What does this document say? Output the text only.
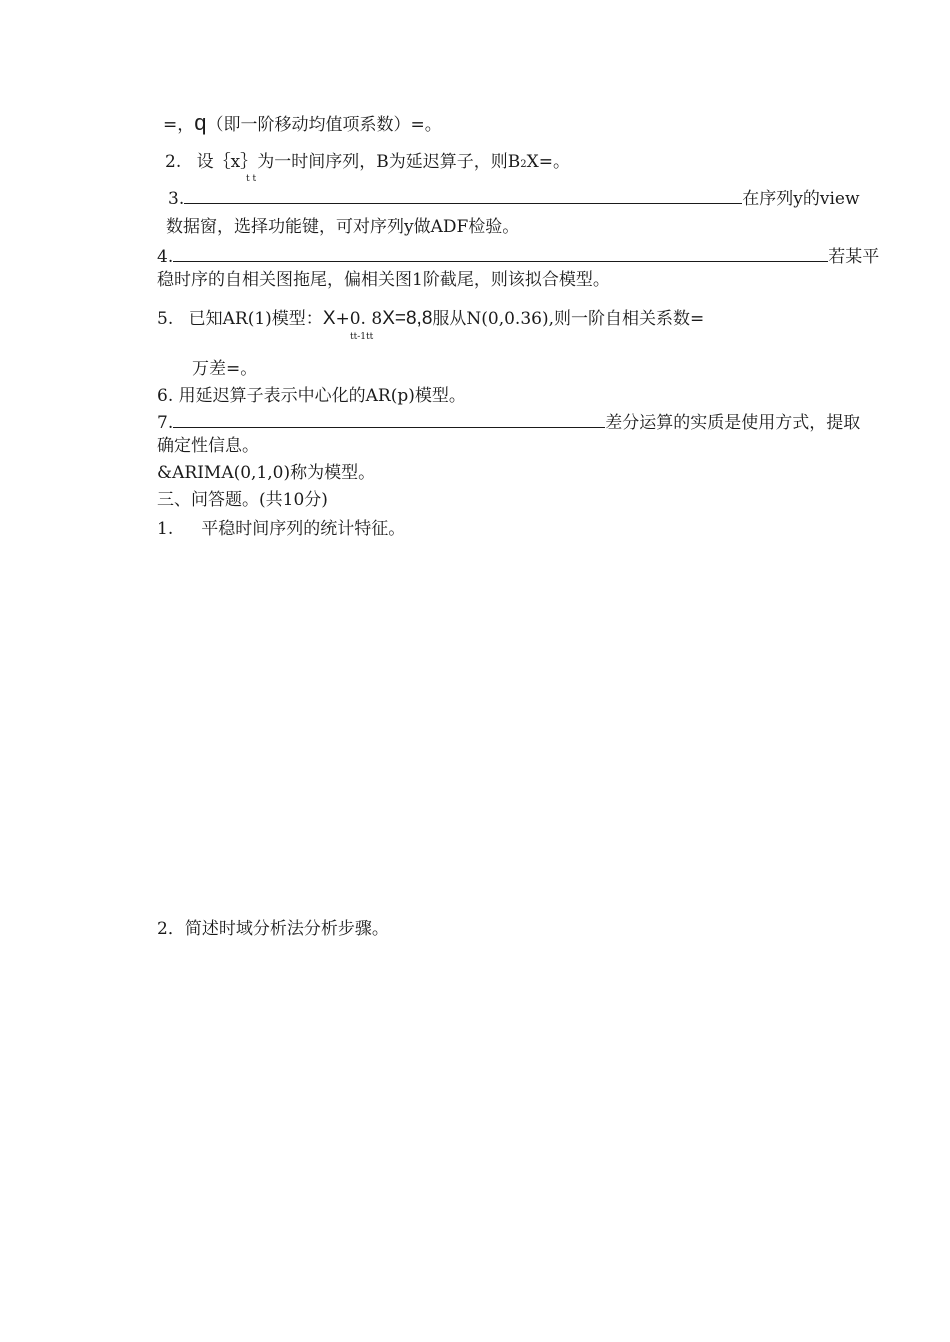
=，q（即一阶移动均值项系数）=。
2. 设｛x｝为一时间序列，B为延迟算子，则B2X=。
t t
3.	在序列y的view
数据窗，选择功能键，可对序列y做ADF检验。
4.	若某平
稳时序的自相关图拖尾，偏相关图1阶截尾，则该拟合模型。
5. 已知AR(1)模型：X+0. 8X=8,8服从N(0,0.36),则一阶自相关系数=
tt-1tt
万差=。
6. 用延迟算子表示中心化的AR(p)模型。
7.	差分运算的实质是使用方式，提取
确定性信息。
&ARIMA(0,1,0)称为模型。
三、问答题。(共10分)
1. 平稳时间序列的统计特征。
2．简述时域分析法分析步骤。
